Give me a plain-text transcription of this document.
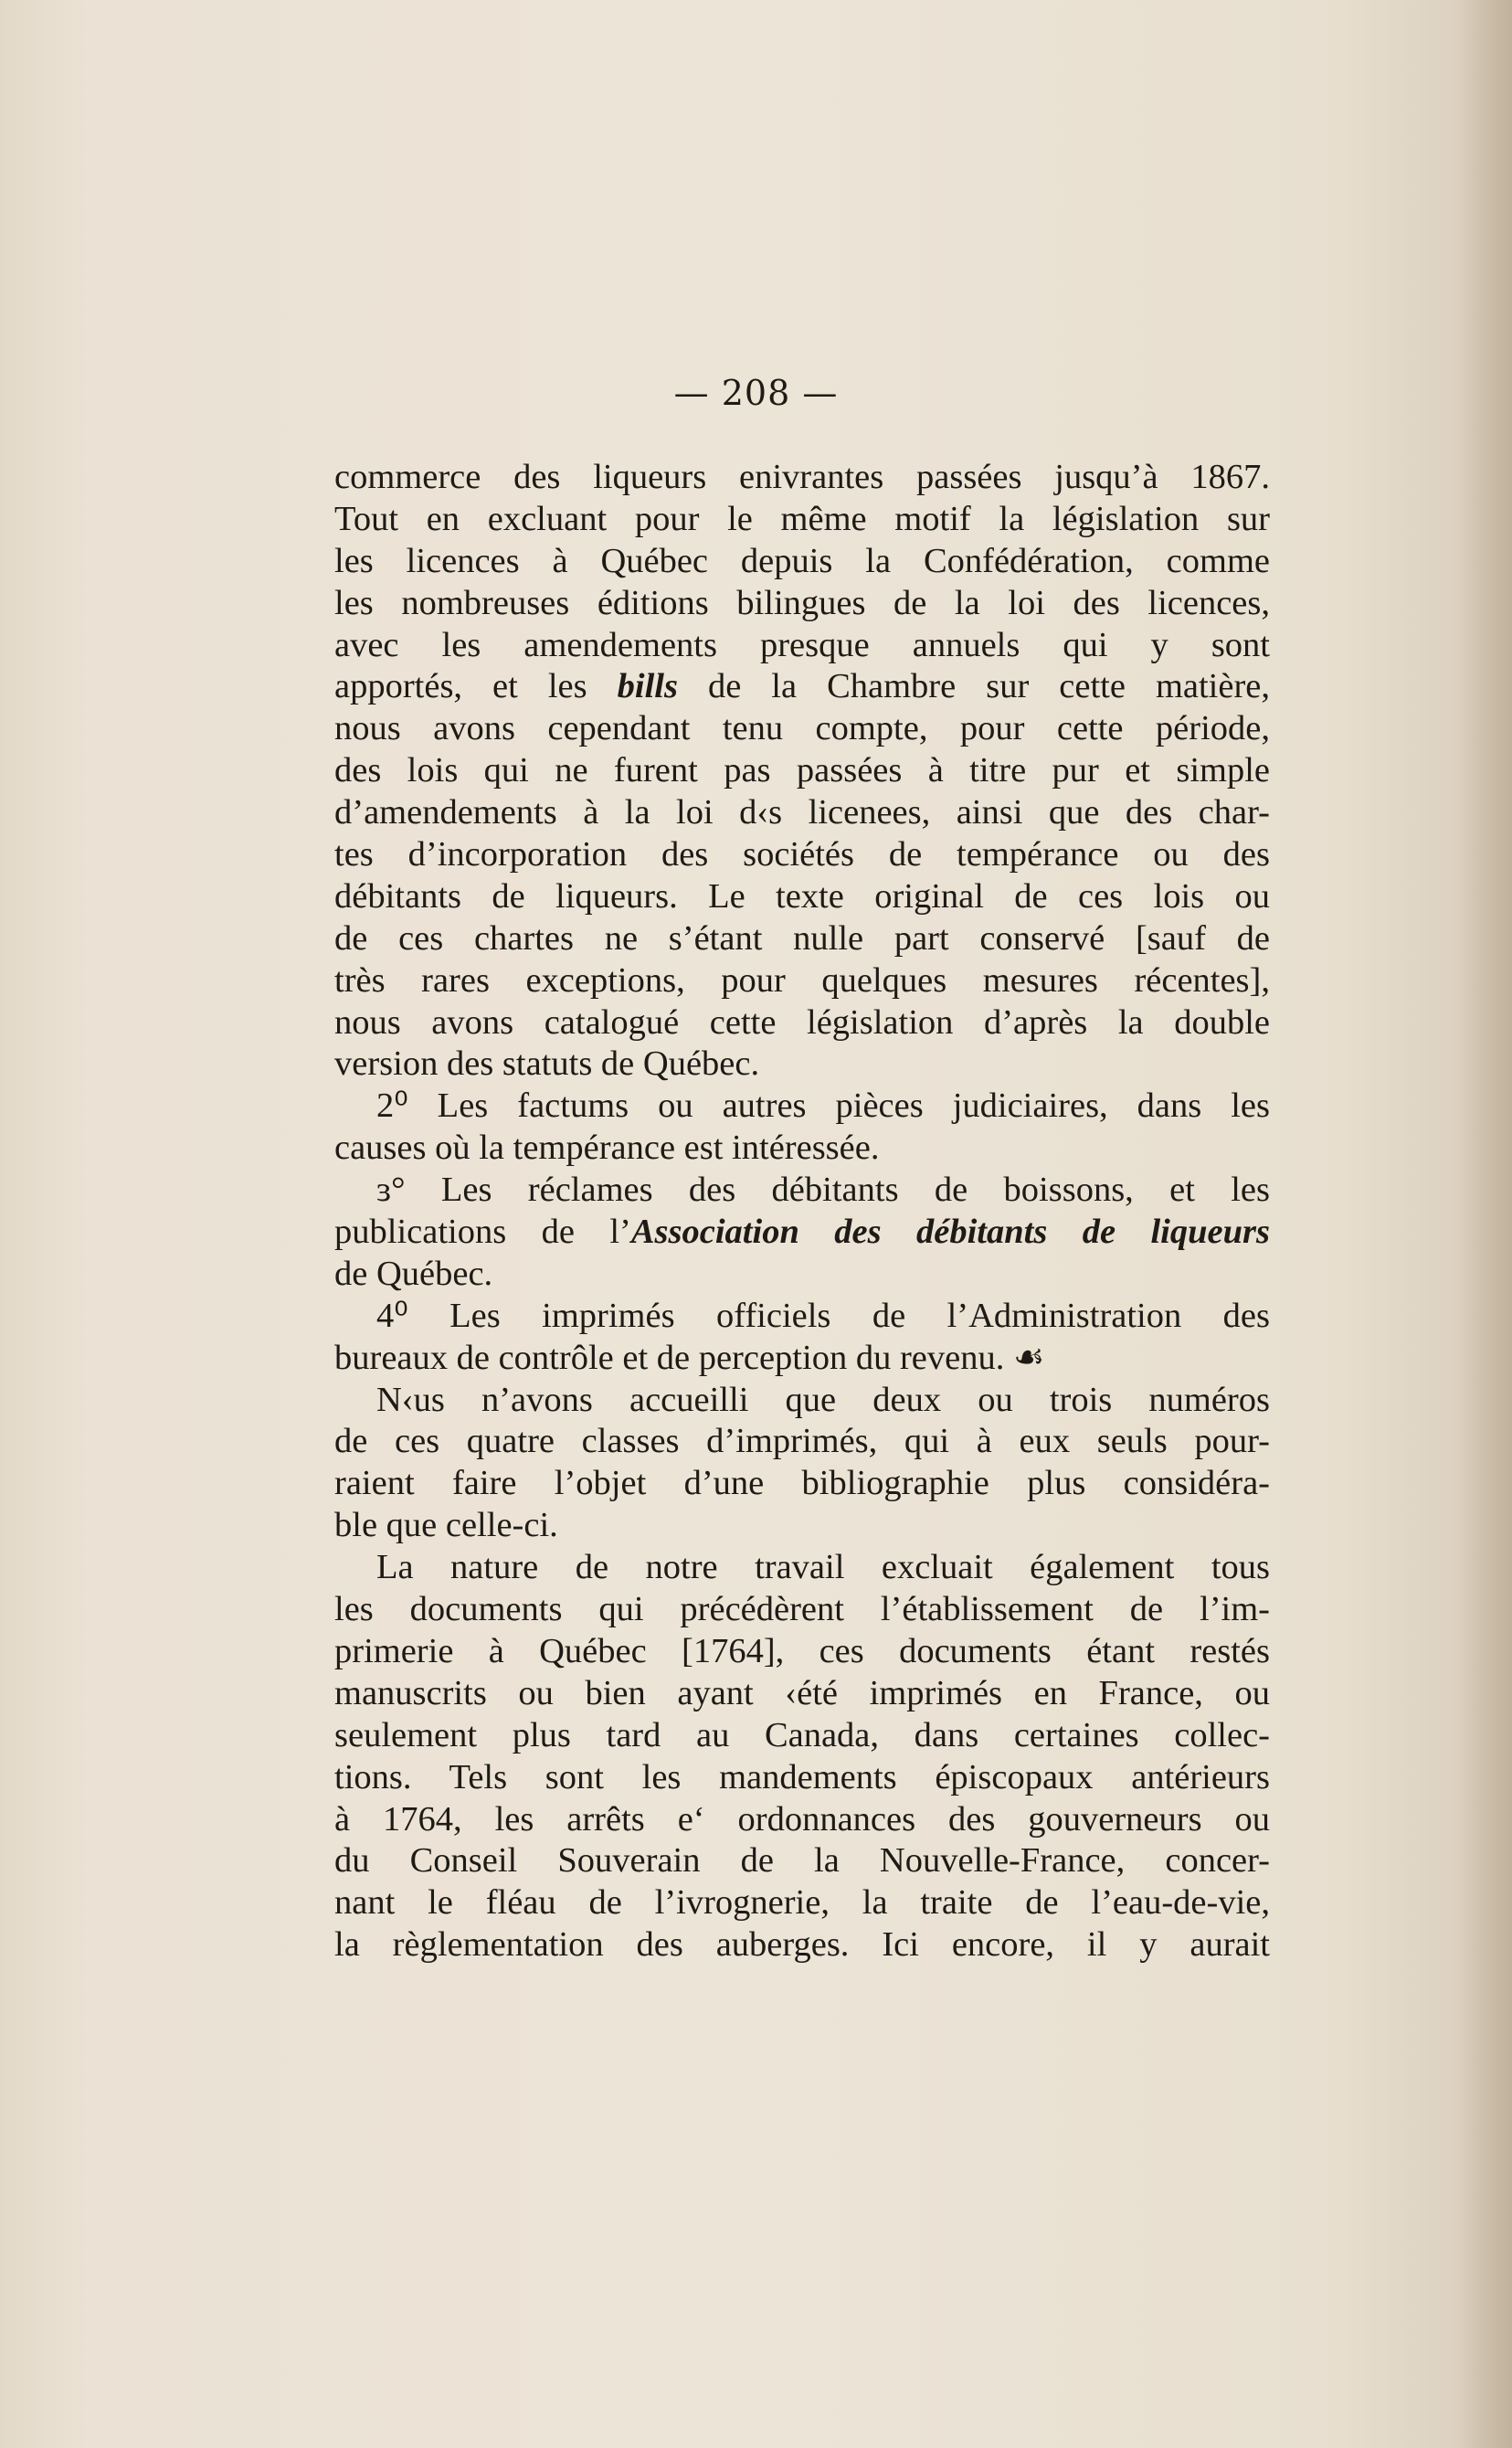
— 208 —
commerce des liqueurs enivrantes passées jusqu’à 1867.
Tout en excluant pour le même motif la législation sur
les licences à Québec depuis la Confédération, comme
les nombreuses éditions bilingues de la loi des licences,
avec les amendements presque annuels qui y sont
apportés, et les bills de la Chambre sur cette matière,
nous avons cependant tenu compte, pour cette période,
des lois qui ne furent pas passées à titre pur et simple
d’amendements à la loi d‹s licenees, ainsi que des char-
tes d’incorporation des sociétés de tempérance ou des
débitants de liqueurs. Le texte original de ces lois ou
de ces chartes ne s’étant nulle part conservé [sauf de
très rares exceptions, pour quelques mesures récentes],
nous avons catalogué cette législation d’après la double
version des statuts de Québec.
2⁰ Les factums ou autres pièces judiciaires, dans les
causes où la tempérance est intéressée.
ɜ° Les réclames des débitants de boissons, et les
publications de l’Association des débitants de liqueurs
de Québec.
4⁰ Les imprimés officiels de l’Administration des
bureaux de contrôle et de perception du revenu. ☙
N‹us n’avons accueilli que deux ou trois numéros
de ces quatre classes d’imprimés, qui à eux seuls pour-
raient faire l’objet d’une bibliographie plus considéra-
ble que celle-ci.
La nature de notre travail excluait également tous
les documents qui précédèrent l’établissement de l’im-
primerie à Québec [1764], ces documents étant restés
manuscrits ou bien ayant ‹été imprimés en France, ou
seulement plus tard au Canada, dans certaines collec-
tions. Tels sont les mandements épiscopaux antérieurs
à 1764, les arrêts e‘ ordonnances des gouverneurs ou
du Conseil Souverain de la Nouvelle-France, concer-
nant le fléau de l’ivrognerie, la traite de l’eau-de-vie,
la règlementation des auberges. Ici encore, il y aurait
